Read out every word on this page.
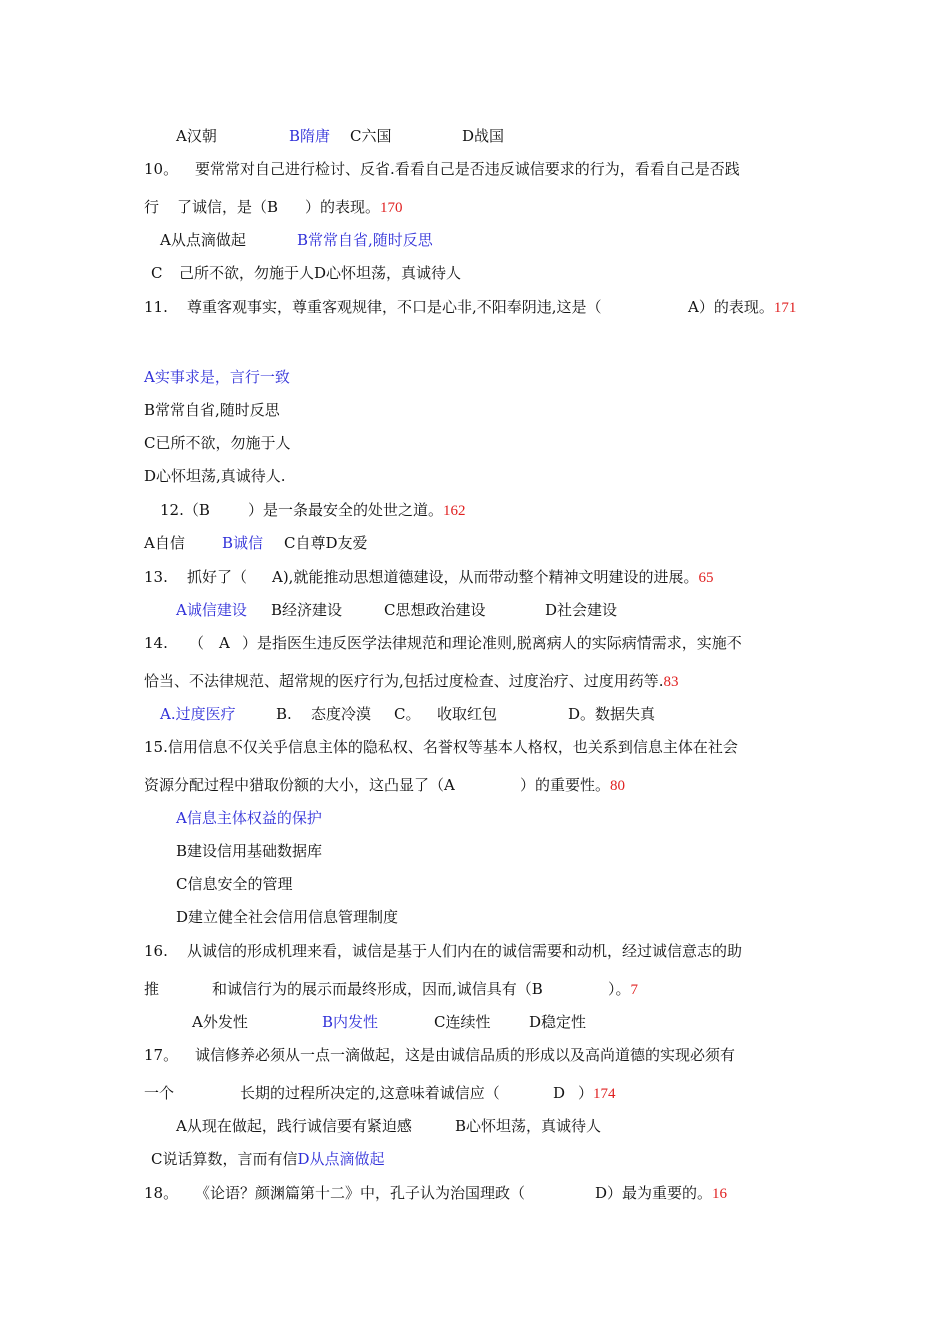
A汉朝	B隋唐 C六国	D战国
10。 要常常对自己进行检讨、反省.看看自己是否违反诚信要求的行为，看看自己是否践
行 了诚信，是（B ）的表现。170
A从点滴做起	B常常自省,随时反思
C 己所不欲，勿施于人D心怀坦荡，真诚待人
11. 尊重客观事实，尊重客观规律，不口是心非,不阳奉阴违,这是（	A）的表现。171
A实事求是，言行一致
B常常自省,随时反思
C已所不欲，勿施于人
D心怀坦荡,真诚待人.
12.（B	）是一条最安全的处世之道。162
A自信 B诚信 C自尊D友爱
13. 抓好了（ A),就能推动思想道德建设，从而带动整个精神文明建设的进展。65
A诚信建设 B经济建设	C思想政治建设	D社会建设
14. （ A ）是指医生违反医学法律规范和理论准则,脱离病人的实际病情需求，实施不
恰当、不法律规范、超常规的医疗行为,包括过度检查、过度治疗、过度用药等.83
A.过度医疗	B. 态度冷漠 C。 收取红包	D。数据失真
15.信用信息不仅关乎信息主体的隐私权、名誉权等基本人格权，也关系到信息主体在社会
资源分配过程中猎取份额的大小，这凸显了（A	）的重要性。80
A信息主体权益的保护
B建设信用基础数据库
C信息安全的管理
D建立健全社会信用信息管理制度
16. 从诚信的形成机理来看，诚信是基于人们内在的诚信需要和动机，经过诚信意志的助
推	和诚信行为的展示而最终形成，因而,诚信具有（B	）。7
A外发性	B内发性	C连续性	D稳定性
17。 诚信修养必须从一点一滴做起，这是由诚信品质的形成以及高尚道德的实现必须有
一个	长期的过程所决定的,这意味着诚信应（	D ）174
A从现在做起，践行诚信要有紧迫感	B心怀坦荡，真诚待人
C说话算数，言而有信D从点滴做起
18。 《论语？颜渊篇第十二》中，孔子认为治国理政（	D）最为重要的。16
